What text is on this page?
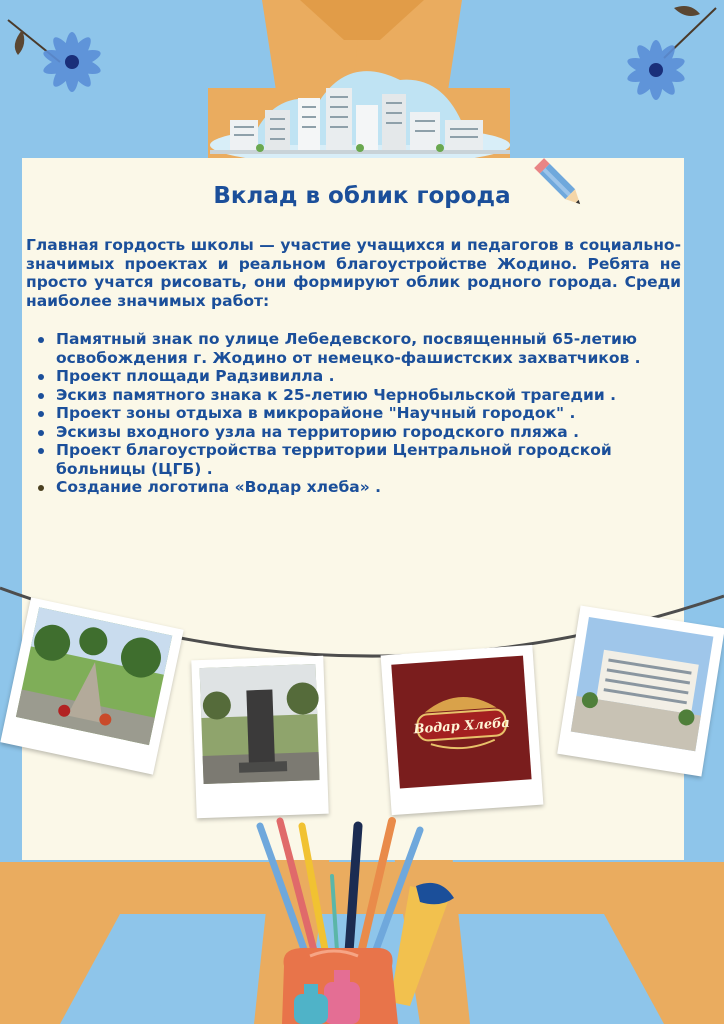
Вклад в облик города
Главная гордость школы — участие учащихся и педагогов в социально-значимых проектах и реальном благоустройстве Жодино. Ребята не просто учатся рисовать, они формируют облик родного города. Среди наиболее значимых работ:
Памятный знак по улице Лебедевского, посвященный 65-летию освобождения г. Жодино от немецко-фашистских захватчиков .
Проект площади Радзивилла .
Эскиз памятного знака к 25-летию Чернобыльской трагедии .
Проект зоны отдыха в микрорайоне "Научный городок" .
Эскизы входного узла на территорию городского пляжа .
Проект благоустройства территории Центральной городской больницы (ЦГБ) .
Создание логотипа «Водар хлеба» .
Водар Хлеба
